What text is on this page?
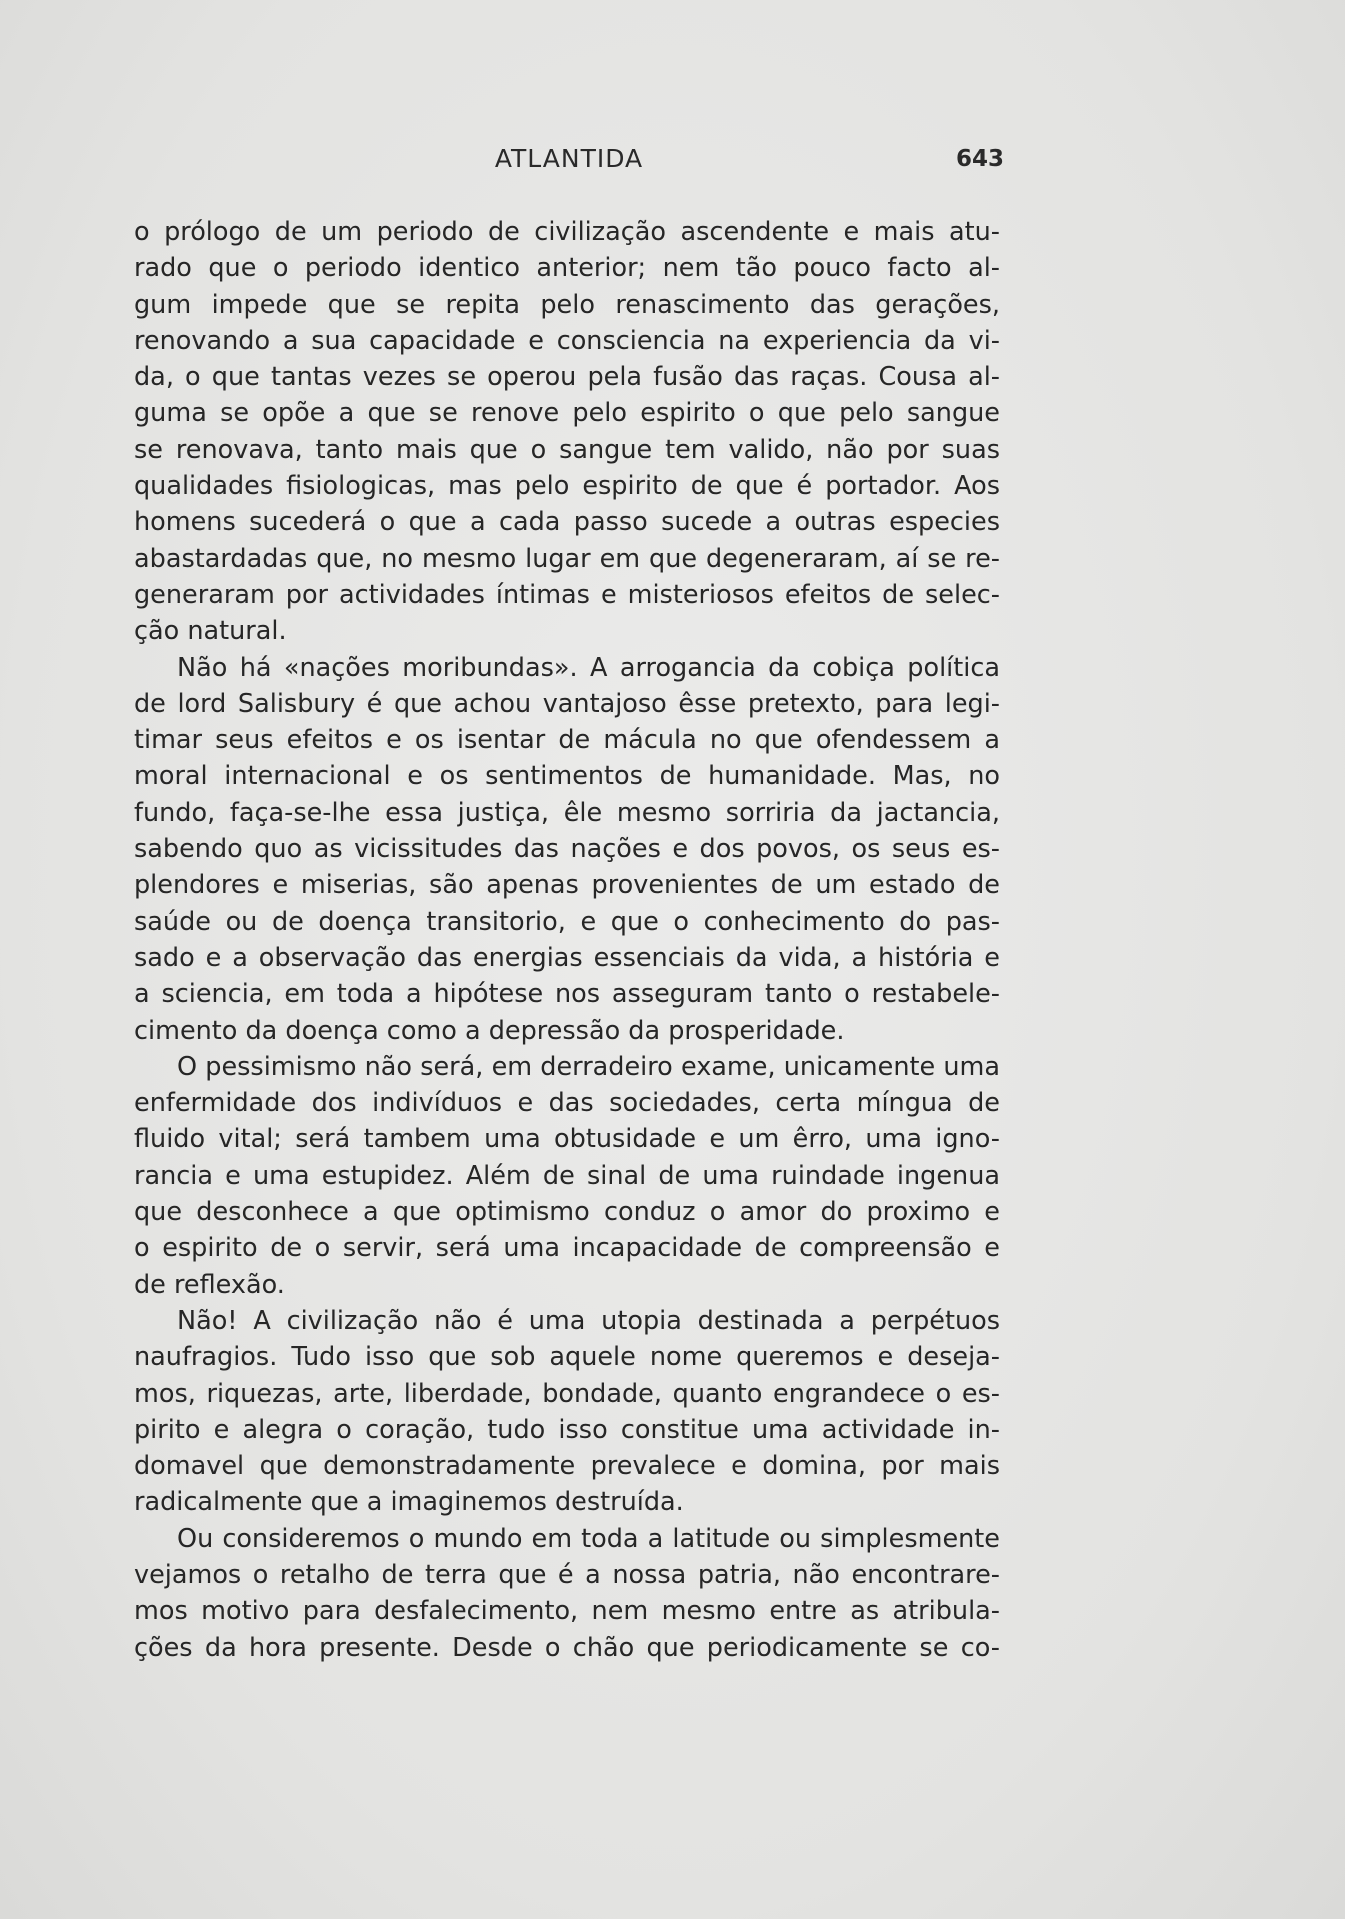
ATLANTIDA	643
o prólogo de um periodo de civilização ascendente e mais atu-
rado que o periodo identico anterior; nem tão pouco facto al-
gum impede que se repita pelo renascimento das gerações,
renovando a sua capacidade e consciencia na experiencia da vi-
da, o que tantas vezes se operou pela fusão das raças. Cousa al-
guma se opõe a que se renove pelo espirito o que pelo sangue
se renovava, tanto mais que o sangue tem valido, não por suas
qualidades fisiologicas, mas pelo espirito de que é portador. Aos
homens sucederá o que a cada passo sucede a outras especies
abastardadas que, no mesmo lugar em que degeneraram, aí se re-
generaram por actividades íntimas e misteriosos efeitos de selec-
ção natural.
Não há «nações moribundas». A arrogancia da cobiça política
de lord Salisbury é que achou vantajoso êsse pretexto, para legi-
timar seus efeitos e os isentar de mácula no que ofendessem a
moral internacional e os sentimentos de humanidade. Mas, no
fundo, faça-se-lhe essa justiça, êle mesmo sorriria da jactancia,
sabendo quo as vicissitudes das nações e dos povos, os seus es-
plendores e miserias, são apenas provenientes de um estado de
saúde ou de doença transitorio, e que o conhecimento do pas-
sado e a observação das energias essenciais da vida, a história e
a sciencia, em toda a hipótese nos asseguram tanto o restabele-
cimento da doença como a depressão da prosperidade.
O pessimismo não será, em derradeiro exame, unicamente uma
enfermidade dos indivíduos e das sociedades, certa míngua de
fluido vital; será tambem uma obtusidade e um êrro, uma igno-
rancia e uma estupidez. Além de sinal de uma ruindade ingenua
que desconhece a que optimismo conduz o amor do proximo e
o espirito de o servir, será uma incapacidade de compreensão e
de reflexão.
Não! A civilização não é uma utopia destinada a perpétuos
naufragios. Tudo isso que sob aquele nome queremos e deseja-
mos, riquezas, arte, liberdade, bondade, quanto engrandece o es-
pirito e alegra o coração, tudo isso constitue uma actividade in-
domavel que demonstradamente prevalece e domina, por mais
radicalmente que a imaginemos destruída.
Ou consideremos o mundo em toda a latitude ou simplesmente
vejamos o retalho de terra que é a nossa patria, não encontrare-
mos motivo para desfalecimento, nem mesmo entre as atribula-
ções da hora presente. Desde o chão que periodicamente se co-
